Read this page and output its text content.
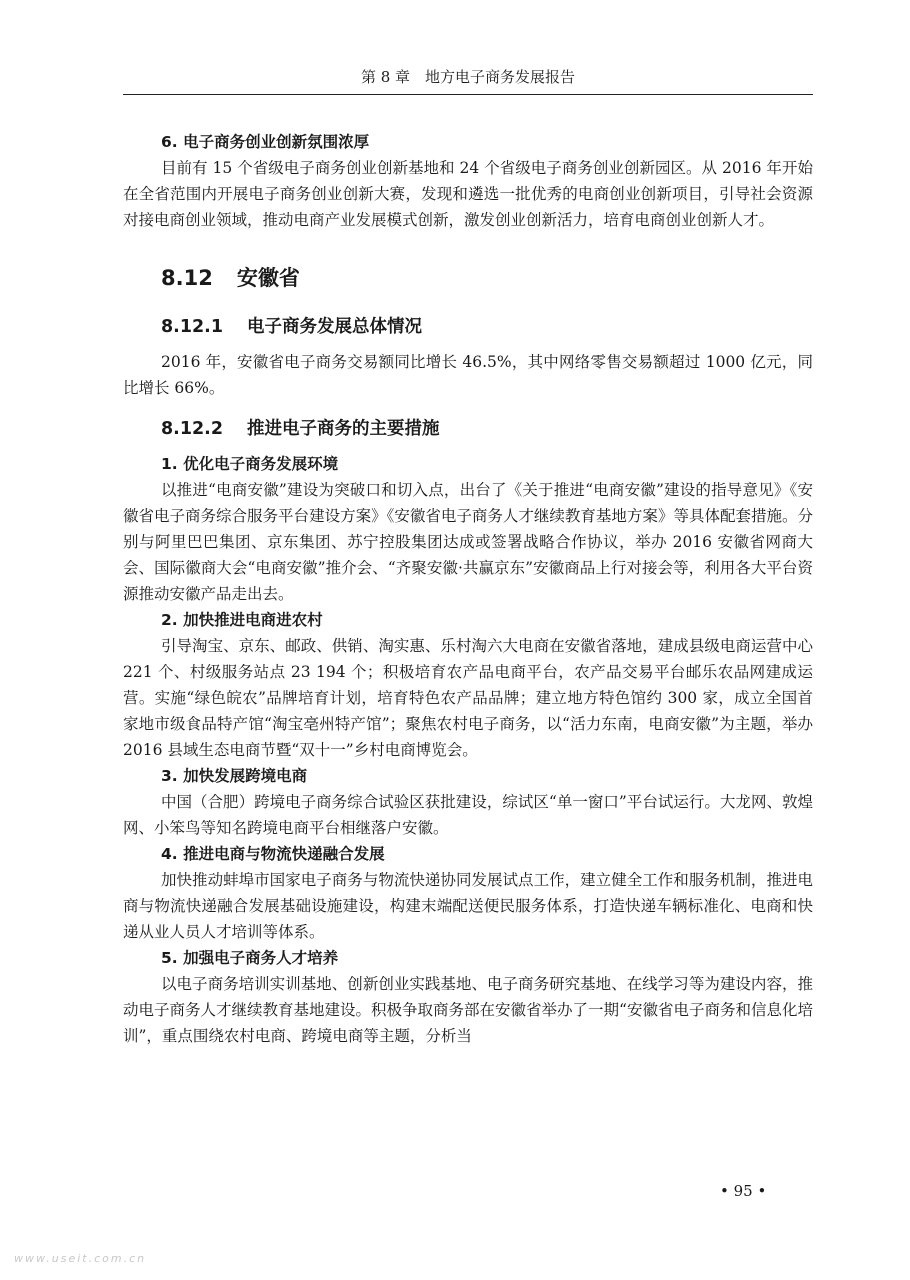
第 8 章　地方电子商务发展报告

6. 电子商务创业创新氛围浓厚

目前有 15 个省级电子商务创业创新基地和 24 个省级电子商务创业创新园区。从 2016 年开始在全省范围内开展电子商务创业创新大赛，发现和遴选一批优秀的电商创业创新项目，引导社会资源对接电商创业领域，推动电商产业发展模式创新，激发创业创新活力，培育电商创业创新人才。

8.12 安徽省
8.12.1 电子商务发展总体情况

2016 年，安徽省电子商务交易额同比增长 46.5%，其中网络零售交易额超过 1000 亿元，同比增长 66%。

8.12.2 推进电子商务的主要措施

1. 优化电子商务发展环境

以推进“电商安徽”建设为突破口和切入点，出台了《关于推进“电商安徽”建设的指导意见》《安徽省电子商务综合服务平台建设方案》《安徽省电子商务人才继续教育基地方案》等具体配套措施。分别与阿里巴巴集团、京东集团、苏宁控股集团达成或签署战略合作协议，举办 2016 安徽省网商大会、国际徽商大会“电商安徽”推介会、“齐聚安徽·共赢京东”安徽商品上行对接会等，利用各大平台资源推动安徽产品走出去。

2. 加快推进电商进农村

引导淘宝、京东、邮政、供销、淘实惠、乐村淘六大电商在安徽省落地，建成县级电商运营中心 221 个、村级服务站点 23 194 个；积极培育农产品电商平台，农产品交易平台邮乐农品网建成运营。实施“绿色皖农”品牌培育计划，培育特色农产品品牌；建立地方特色馆约 300 家，成立全国首家地市级食品特产馆“淘宝亳州特产馆”；聚焦农村电子商务，以“活力东南，电商安徽”为主题，举办 2016 县域生态电商节暨“双十一”乡村电商博览会。

3. 加快发展跨境电商

中国（合肥）跨境电子商务综合试验区获批建设，综试区“单一窗口”平台试运行。大龙网、敦煌网、小笨鸟等知名跨境电商平台相继落户安徽。

4. 推进电商与物流快递融合发展

加快推动蚌埠市国家电子商务与物流快递协同发展试点工作，建立健全工作和服务机制，推进电商与物流快递融合发展基础设施建设，构建末端配送便民服务体系，打造快递车辆标准化、电商和快递从业人员人才培训等体系。

5. 加强电子商务人才培养

以电子商务培训实训基地、创新创业实践基地、电子商务研究基地、在线学习等为建设内容，推动电子商务人才继续教育基地建设。积极争取商务部在安徽省举办了一期“安徽省电子商务和信息化培训”，重点围绕农村电商、跨境电商等主题，分析当

• 95 •
www.useit.com.cn
